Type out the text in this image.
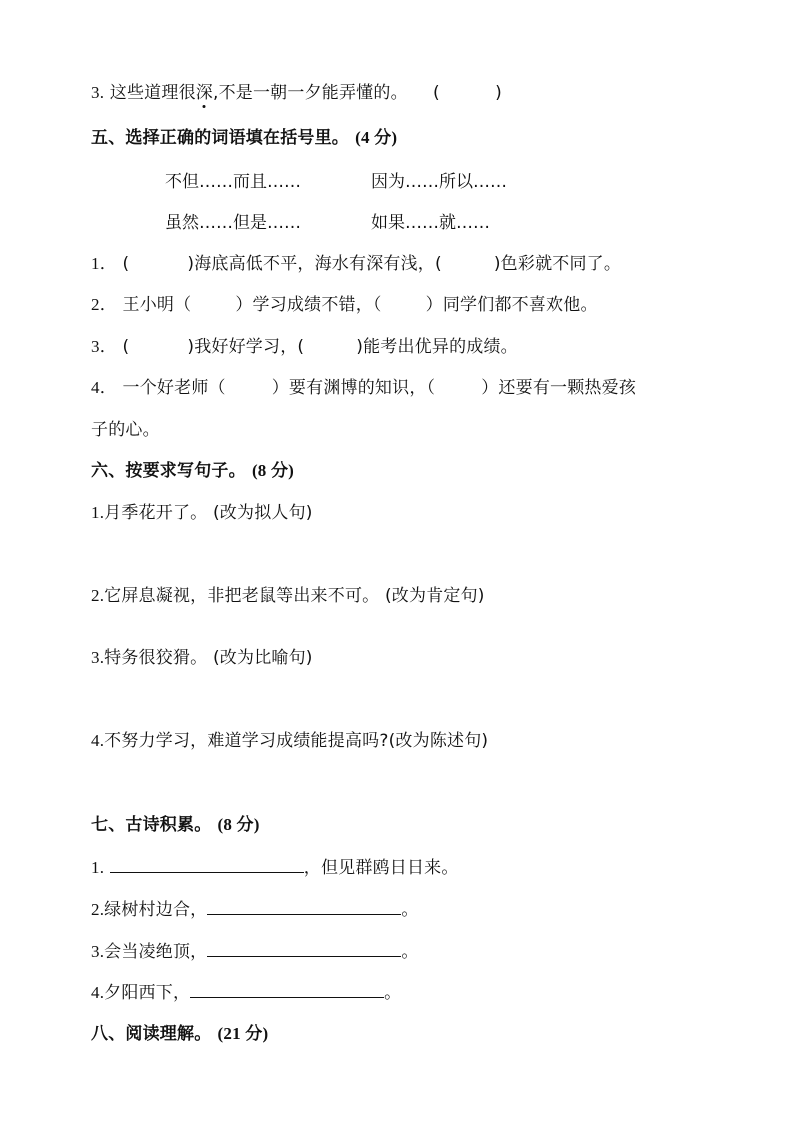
3. 这些道理很深,不是一朝一夕能弄懂的。 (	)
五、选择正确的词语填在括号里。 (4 分)
不但……而且……	因为……所以……
虽然……但是……	如果……就……
1． (	)海底高低不平，海水有深有浅，(	)色彩就不同了。
2． 王小明（	）学习成绩不错，（	）同学们都不喜欢他。
3． (	)我好好学习，(	)能考出优异的成绩。
4． 一个好老师（	）要有渊博的知识，（	）还要有一颗热爱孩
子的心。
六、按要求写句子。 (8 分)
1.月季花开了。 (改为拟人句)
2.它屏息凝视，非把老鼠等出来不可。 (改为肯定句)
3.特务很狡猾。 (改为比喻句)
4.不努力学习，难道学习成绩能提高吗?(改为陈述句)
七、古诗积累。 (8 分)
1.	，但见群鸥日日来。
2.绿树村边合，	。
3.会当凌绝顶，	。
4.夕阳西下，	。
八、阅读理解。 (21 分)
